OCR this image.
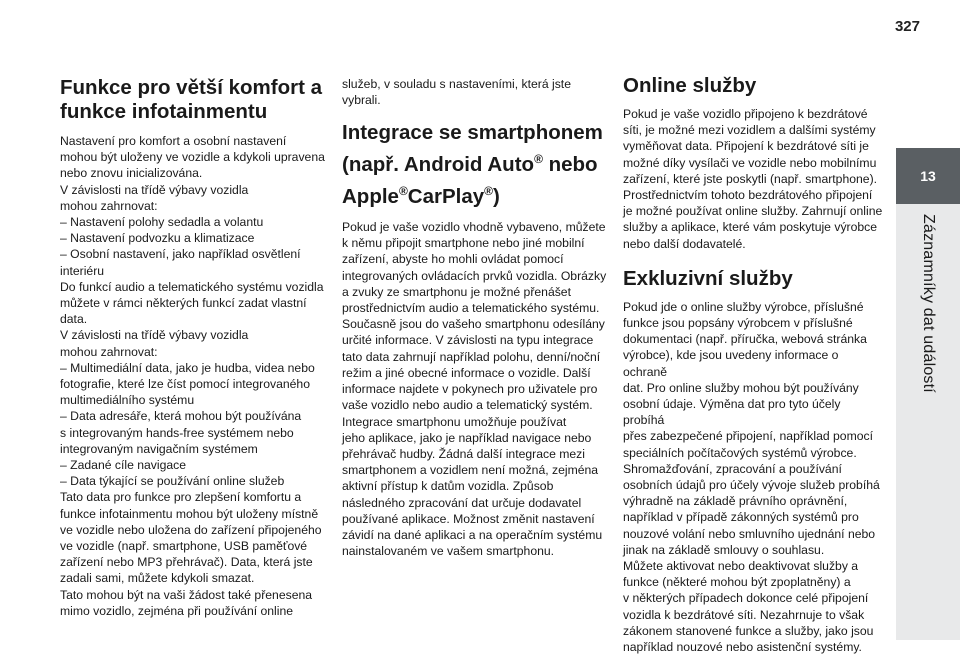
327
13
Záznamníky dat událostí
Funkce pro větší komfort a funkce infotainmentu

Nastavení pro komfort a osobní nastavení
mohou být uloženy ve vozidle a kdykoli upravena
nebo znovu inicializována.
V závislosti na třídě výbavy vozidla
mohou zahrnovat:
– Nastavení polohy sedadla a volantu
– Nastavení podvozku a klimatizace
– Osobní nastavení, jako například osvětlení
interiéru
Do funkcí audio a telematického systému vozidla
můžete v rámci některých funkcí zadat vlastní
data.
V závislosti na třídě výbavy vozidla
mohou zahrnovat:
– Multimediální data, jako je hudba, videa nebo
fotografie, které lze číst pomocí integrovaného
multimediálního systému
– Data adresáře, která mohou být používána
s integrovaným hands-free systémem nebo
integrovaným navigačním systémem
– Zadané cíle navigace
– Data týkající se používání online služeb
Tato data pro funkce pro zlepšení komfortu a
funkce infotainmentu mohou být uloženy místně
ve vozidle nebo uložena do zařízení připojeného
ve vozidle (např. smartphone, USB paměťové
zařízení nebo MP3 přehrávač). Data, která jste
zadali sami, můžete kdykoli smazat.
Tato mohou být na vaši žádost také přenesena
mimo vozidlo, zejména při používání online

služeb, v souladu s nastaveními, která jste
vybrali.

Integrace se smartphonem (např. Android Auto® nebo Apple®CarPlay®)

Pokud je vaše vozidlo vhodně vybaveno, můžete
k němu připojit smartphone nebo jiné mobilní
zařízení, abyste ho mohli ovládat pomocí
integrovaných ovládacích prvků vozidla. Obrázky
a zvuky ze smartphonu je možné přenášet
prostřednictvím audio a telematického systému.
Současně jsou do vašeho smartphonu odesílány
určité informace. V závislosti na typu integrace
tato data zahrnují například polohu, denní/noční
režim a jiné obecné informace o vozidle. Další
informace najdete v pokynech pro uživatele pro
vaše vozidlo nebo audio a telematický systém.
Integrace smartphonu umožňuje používat
jeho aplikace, jako je například navigace nebo
přehrávač hudby. Žádná další integrace mezi
smartphonem a vozidlem není možná, zejména
aktivní přístup k datům vozidla. Způsob
následného zpracování dat určuje dodavatel
používané aplikace. Možnost změnit nastavení
závidí na dané aplikaci a na operačním systému
nainstalovaném ve vašem smartphonu.

Online služby

Pokud je vaše vozidlo připojeno k bezdrátové
síti, je možné mezi vozidlem a dalšími systémy
vyměňovat data. Připojení k bezdrátové síti je
možné díky vysílači ve vozidle nebo mobilnímu
zařízení, které jste poskytli (např. smartphone).
Prostřednictvím tohoto bezdrátového připojení
je možné používat online služby. Zahrnují online
služby a aplikace, které vám poskytuje výrobce
nebo další dodavatelé.

Exkluzivní služby

Pokud jde o online služby výrobce, příslušné
funkce jsou popsány výrobcem v příslušné
dokumentaci (např. příručka, webová stránka
výrobce), kde jsou uvedeny informace o ochraně
dat. Pro online služby mohou být používány
osobní údaje. Výměna dat pro tyto účely probíhá
přes zabezpečené připojení, například pomocí
speciálních počítačových systémů výrobce.
Shromažďování, zpracování a používání
osobních údajů pro účely vývoje služeb probíhá
výhradně na základě právního oprávnění,
například v případě zákonných systémů pro
nouzové volání nebo smluvního ujednání nebo
jinak na základě smlouvy o souhlasu.
Můžete aktivovat nebo deaktivovat služby a
funkce (některé mohou být zpoplatněny) a
v některých případech dokonce celé připojení
vozidla k bezdrátové síti. Nezahrnuje to však
zákonem stanovené funkce a služby, jako jsou
například nouzové nebo asistenční systémy.
